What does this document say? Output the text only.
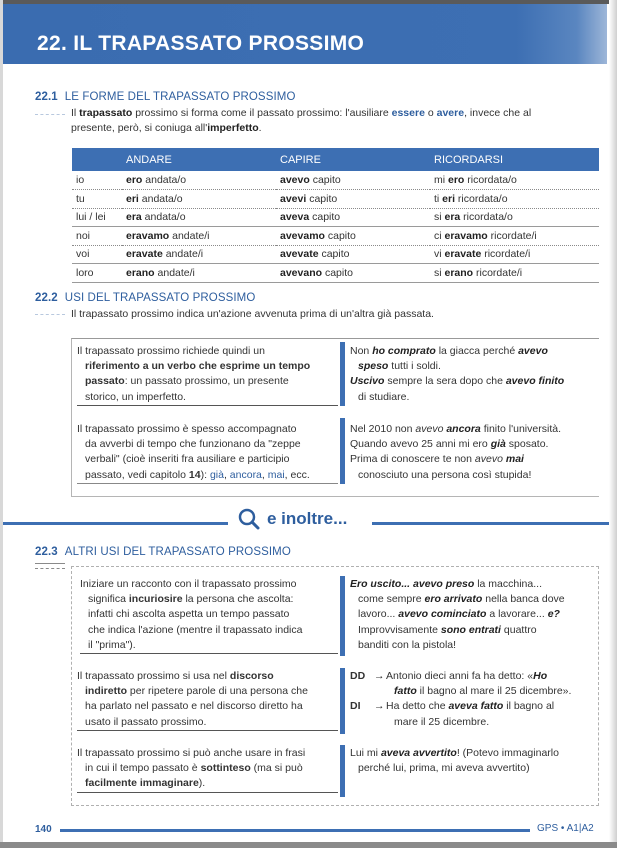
22. IL TRAPASSATO PROSSIMO
22.1 LE FORME DEL TRAPASSATO PROSSIMO
Il trapassato prossimo si forma come il passato prossimo: l'ausiliare essere o avere, invece che al
presente, però, si coniuga all'imperfetto.
	ANDARE	CAPIRE	RICORDARSI
io	ero andata/o	avevo capito	mi ero ricordata/o
tu	eri andata/o	avevi capito	ti eri ricordata/o
lui / lei	era andata/o	aveva capito	si era ricordata/o
noi	eravamo andate/i	avevamo capito	ci eravamo ricordate/i
voi	eravate andate/i	avevate capito	vi eravate ricordate/i
loro	erano andate/i	avevano capito	si erano ricordate/i
22.2 USI DEL TRAPASSATO PROSSIMO
Il trapassato prossimo indica un'azione avvenuta prima di un'altra già passata.
Il trapassato prossimo richiede quindi un

riferimento a un verbo che esprime un tempo
passato: un passato prossimo, un presente
storico, un imperfetto.
Non ho comprato la giacca perché avevo

speso tutti i soldi.
Uscivo sempre la sera dopo che avevo finito

di studiare.
Il trapassato prossimo è spesso accompagnato

da avverbi di tempo che funzionano da "zeppe
verbali" (cioè inseriti fra ausiliare e participio
passato, vedi capitolo 14): già, ancora, mai, ecc.
Nel 2010 non avevo ancora finito l'università.
Quando avevo 25 anni mi ero già sposato.
Prima di conoscere te non avevo mai

conosciuto una persona così stupida!
e inoltre...
22.3 ALTRI USI DEL TRAPASSATO PROSSIMO
Iniziare un racconto con il trapassato prossimo

significa incuriosire la persona che ascolta:
infatti chi ascolta aspetta un tempo passato
che indica l'azione (mentre il trapassato indica
il "prima").
Ero uscito... avevo preso la macchina...

come sempre ero arrivato nella banca dove
lavoro... avevo cominciato a lavorare... e?
Improvvisamente sono entrati quattro
banditi con la pistola!
Il trapassato prossimo si usa nel discorso

indiretto per ripetere parole di una persona che
ha parlato nel passato e nel discorso diretto ha
usato il passato prossimo.
DD → Antonio dieci anni fa ha detto: «Ho
fatto il bagno al mare il 25 dicembre».
DI	→ Ha detto che aveva fatto il bagno al
mare il 25 dicembre.
Il trapassato prossimo si può anche usare in frasi

in cui il tempo passato è sottinteso (ma si può
facilmente immaginare).
Lui mi aveva avvertito! (Potevo immaginarlo

perché lui, prima, mi aveva avvertito)
140	GPS • A1|A2
